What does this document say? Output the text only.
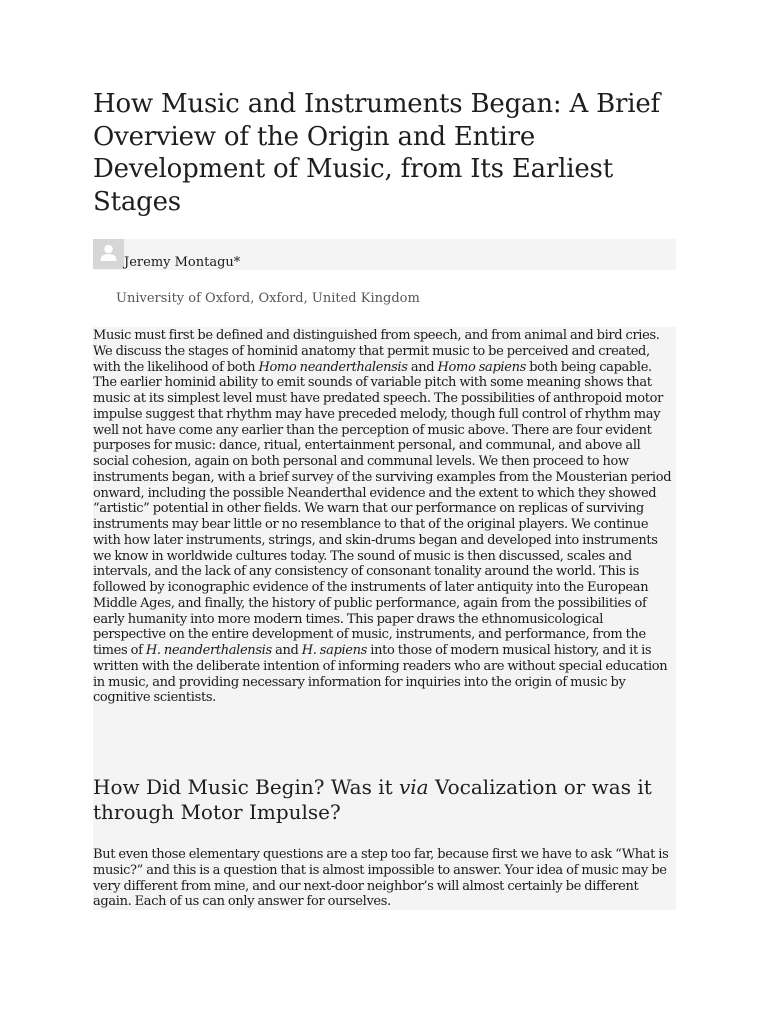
How Music and Instruments Began: A Brief Overview of the Origin and Entire Development of Music, from Its Earliest Stages
Jeremy Montagu*
University of Oxford, Oxford, United Kingdom

Music must first be defined and distinguished from speech, and from animal and bird cries. We discuss the stages of hominid anatomy that permit music to be perceived and created, with the likelihood of both Homo neanderthalensis and Homo sapiens both being capable. The earlier hominid ability to emit sounds of variable pitch with some meaning shows that music at its simplest level must have predated speech. The possibilities of anthropoid motor impulse suggest that rhythm may have preceded melody, though full control of rhythm may well not have come any earlier than the perception of music above. There are four evident purposes for music: dance, ritual, entertainment personal, and communal, and above all social cohesion, again on both personal and communal levels. We then proceed to how instruments began, with a brief survey of the surviving examples from the Mousterian period onward, including the possible Neanderthal evidence and the extent to which they showed “artistic” potential in other fields. We warn that our performance on replicas of surviving instruments may bear little or no resemblance to that of the original players. We continue with how later instruments, strings, and skin-drums began and developed into instruments we know in worldwide cultures today. The sound of music is then discussed, scales and intervals, and the lack of any consistency of consonant tonality around the world. This is followed by iconographic evidence of the instruments of later antiquity into the European Middle Ages, and finally, the history of public performance, again from the possibilities of early humanity into more modern times. This paper draws the ethnomusicological perspective on the entire development of music, instruments, and performance, from the times of H. neanderthalensis and H. sapiens into those of modern musical history, and it is written with the deliberate intention of informing readers who are without special education in music, and providing necessary information for inquiries into the origin of music by cognitive scientists.

How Did Music Begin? Was it via Vocalization or was it through Motor Impulse?

But even those elementary questions are a step too far, because first we have to ask “What is music?” and this is a question that is almost impossible to answer. Your idea of music may be very different from mine, and our next-door neighbor’s will almost certainly be different again. Each of us can only answer for ourselves.
